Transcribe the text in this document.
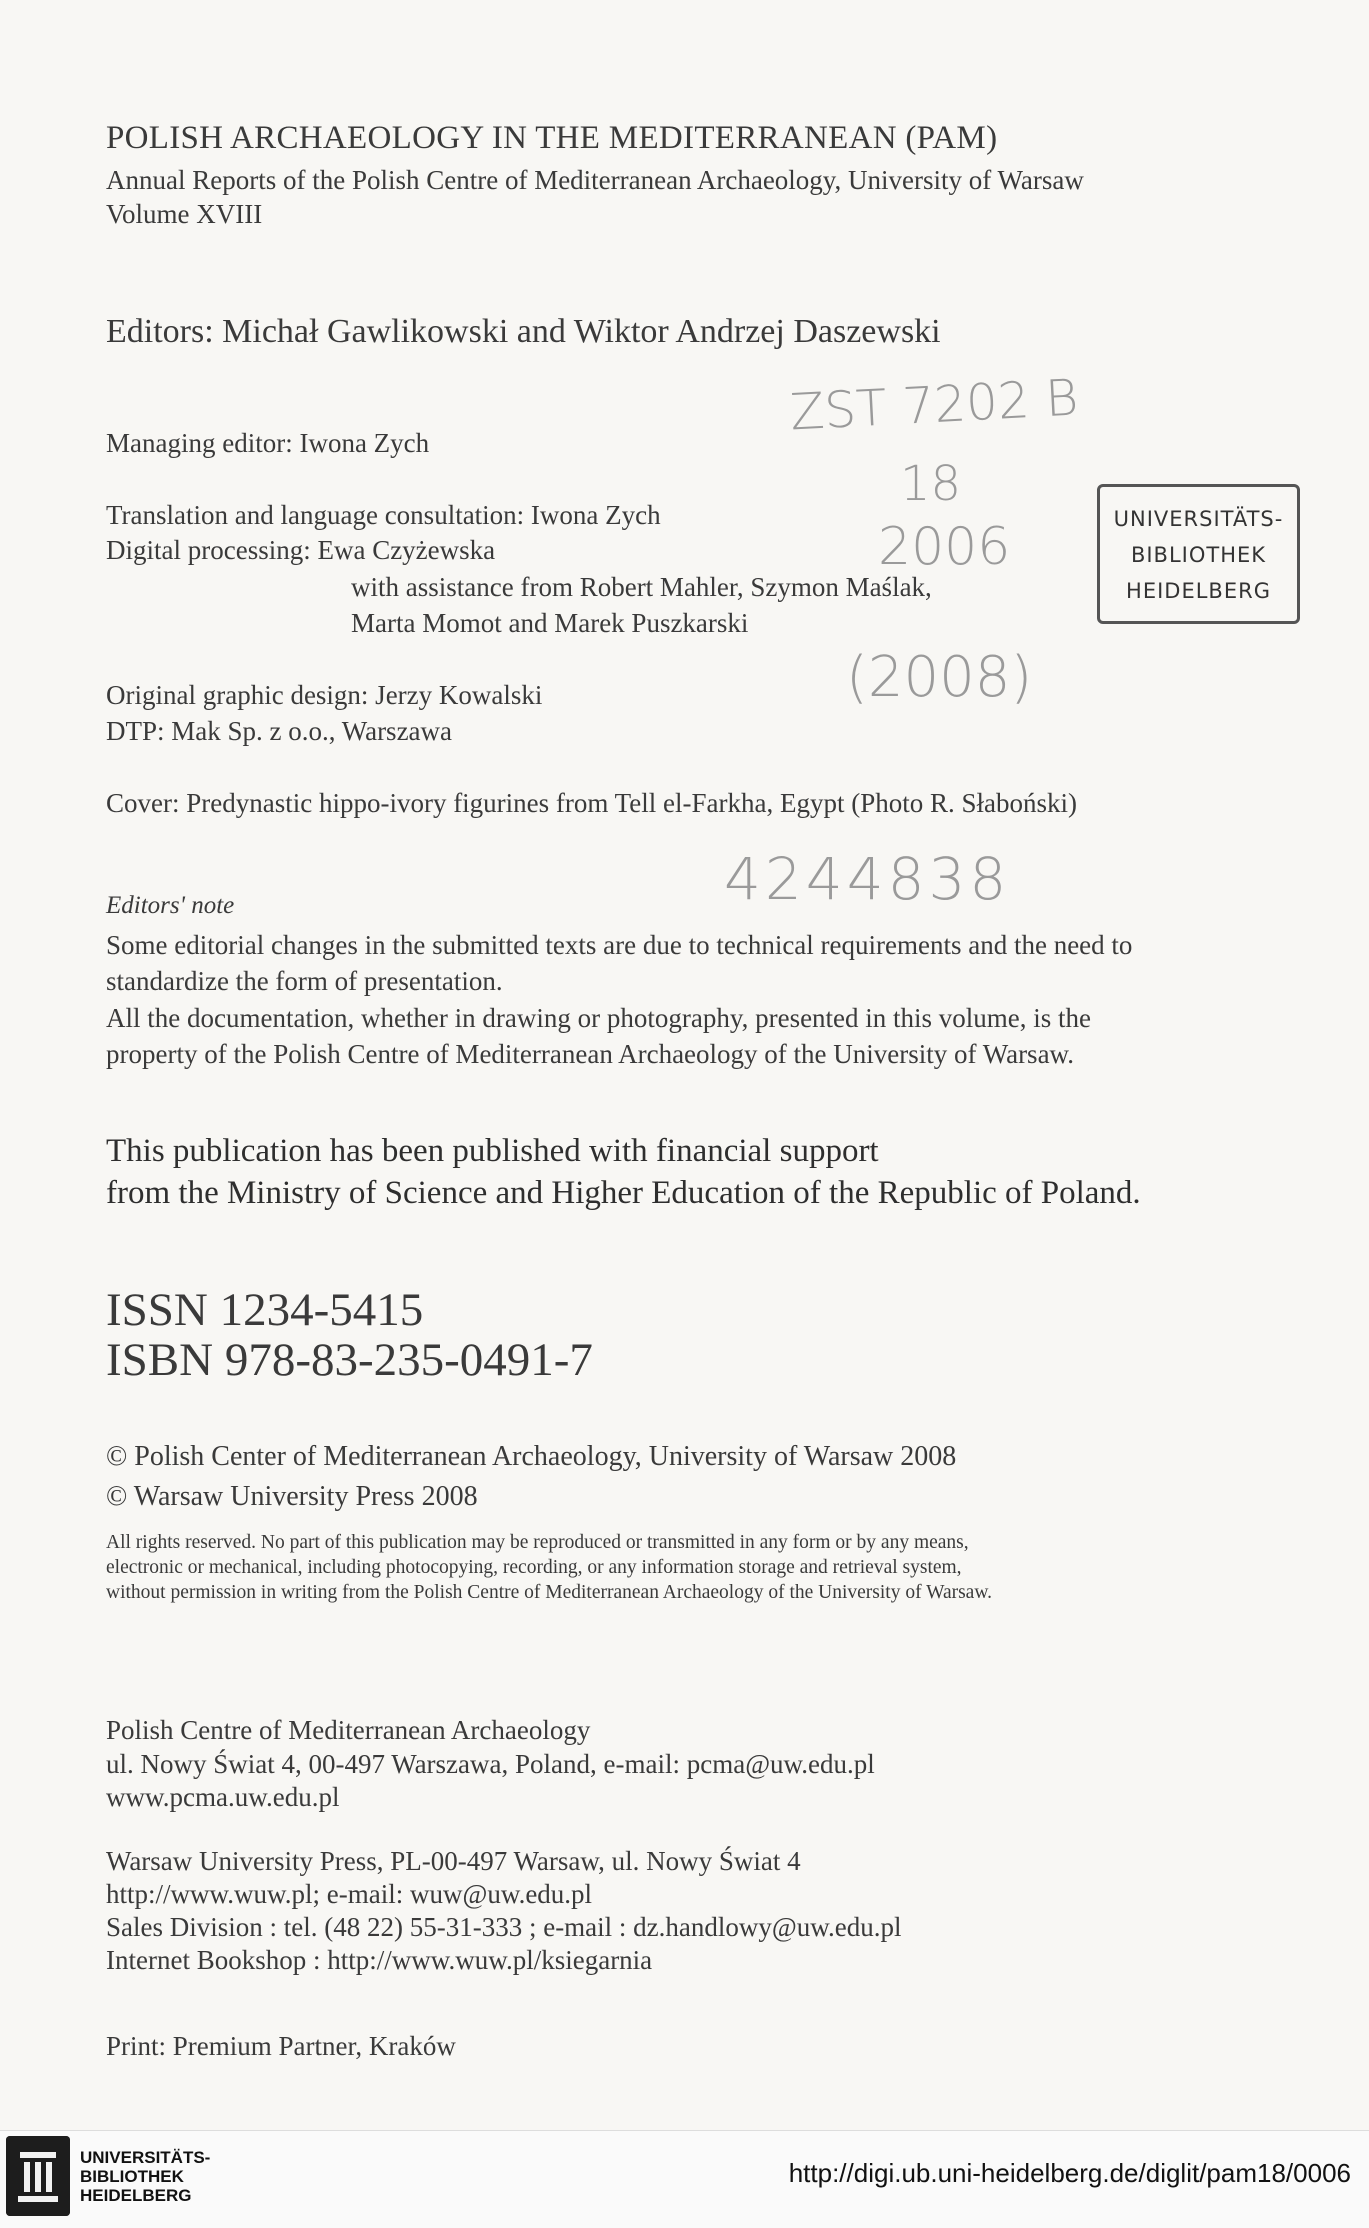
POLISH ARCHAEOLOGY IN THE MEDITERRANEAN (PAM)
Annual Reports of the Polish Centre of Mediterranean Archaeology, University of Warsaw
Volume XVIII
Editors: Michał Gawlikowski and Wiktor Andrzej Daszewski
Managing editor: Iwona Zych
Translation and language consultation: Iwona Zych
Digital processing: Ewa Czyżewska
with assistance from Robert Mahler, Szymon Maślak,
Marta Momot and Marek Puszkarski
Original graphic design: Jerzy Kowalski
DTP: Mak Sp. z o.o., Warszawa
Cover: Predynastic hippo-ivory figurines from Tell el-Farkha, Egypt (Photo R. Słaboński)
Editors' note
Some editorial changes in the submitted texts are due to technical requirements and the need to
standardize the form of presentation.
All the documentation, whether in drawing or photography, presented in this volume, is the
property of the Polish Centre of Mediterranean Archaeology of the University of Warsaw.
This publication has been published with financial support
from the Ministry of Science and Higher Education of the Republic of Poland.
ISSN 1234-5415
ISBN 978-83-235-0491-7
© Polish Center of Mediterranean Archaeology, University of Warsaw 2008
© Warsaw University Press 2008
All rights reserved. No part of this publication may be reproduced or transmitted in any form or by any means,
electronic or mechanical, including photocopying, recording, or any information storage and retrieval system,
without permission in writing from the Polish Centre of Mediterranean Archaeology of the University of Warsaw.
Polish Centre of Mediterranean Archaeology
ul. Nowy Świat 4, 00-497 Warszawa, Poland, e-mail: pcma@uw.edu.pl
www.pcma.uw.edu.pl
Warsaw University Press, PL-00-497 Warsaw, ul. Nowy Świat 4
http://www.wuw.pl; e-mail: wuw@uw.edu.pl
Sales Division : tel. (48 22) 55-31-333 ; e-mail : dz.handlowy@uw.edu.pl
Internet Bookshop : http://www.wuw.pl/ksiegarnia
Print: Premium Partner, Kraków
ZST 7202 B
18
2006
(2008)
4244838
UNIVERSITÄTS-
BIBLIOTHEK
HEIDELBERG
UNIVERSITÄTS-
BIBLIOTHEK
HEIDELBERG
http://digi.ub.uni-heidelberg.de/diglit/pam18/0006
